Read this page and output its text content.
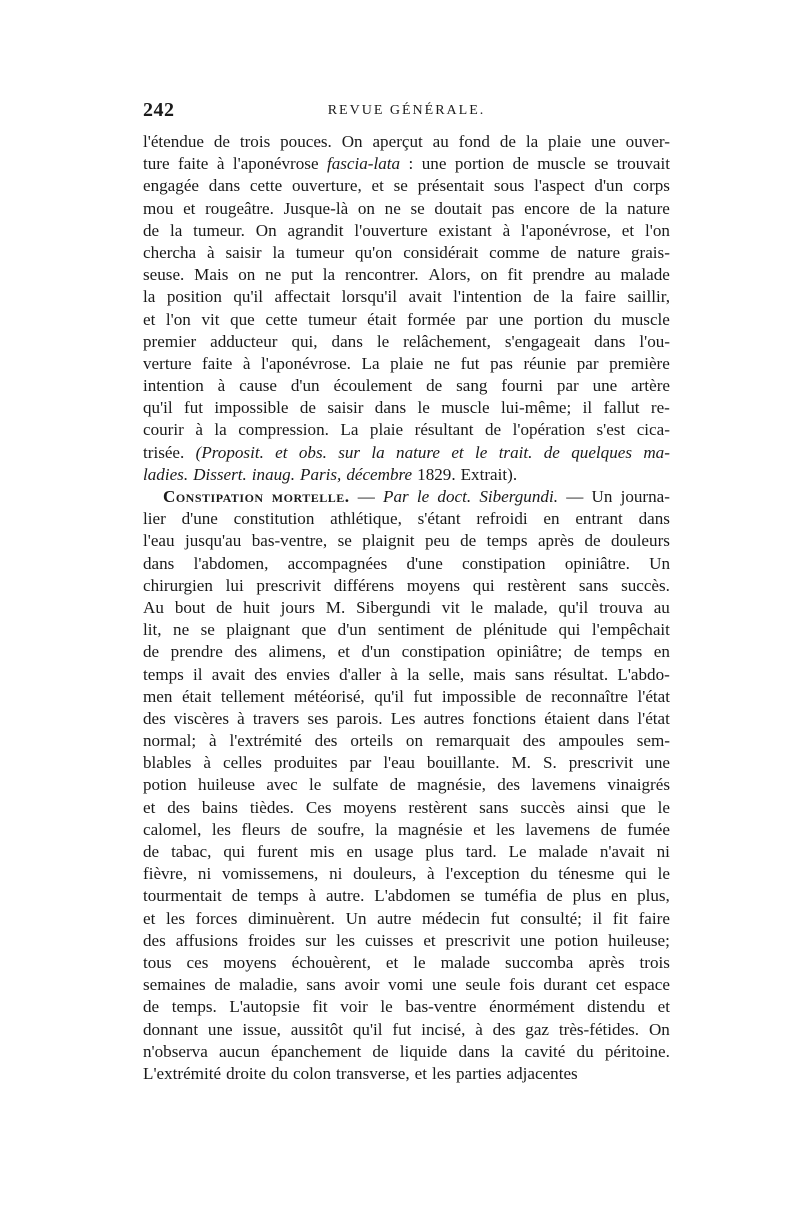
242	REVUE GÉNÉRALE.
l'étendue de trois pouces. On aperçut au fond de la plaie une ouver-
ture faite à l'aponévrose fascia-lata : une portion de muscle se trouvait
engagée dans cette ouverture, et se présentait sous l'aspect d'un corps
mou et rougeâtre. Jusque-là on ne se doutait pas encore de la nature
de la tumeur. On agrandit l'ouverture existant à l'aponévrose, et l'on
chercha à saisir la tumeur qu'on considérait comme de nature grais-
seuse. Mais on ne put la rencontrer. Alors, on fit prendre au malade
la position qu'il affectait lorsqu'il avait l'intention de la faire saillir,
et l'on vit que cette tumeur était formée par une portion du muscle
premier adducteur qui, dans le relâchement, s'engageait dans l'ou-
verture faite à l'aponévrose. La plaie ne fut pas réunie par première
intention à cause d'un écoulement de sang fourni par une artère
qu'il fut impossible de saisir dans le muscle lui-même; il fallut re-
courir à la compression. La plaie résultant de l'opération s'est cica-
trisée. (Proposit. et obs. sur la nature et le trait. de quelques ma-
ladies. Dissert. inaug. Paris, décembre 1829. Extrait).
Constipation mortelle. — Par le doct. Sibergundi. — Un journa-
lier d'une constitution athlétique, s'étant refroidi en entrant dans
l'eau jusqu'au bas-ventre, se plaignit peu de temps après de douleurs
dans l'abdomen, accompagnées d'une constipation opiniâtre. Un
chirurgien lui prescrivit différens moyens qui restèrent sans succès.
Au bout de huit jours M. Sibergundi vit le malade, qu'il trouva au
lit, ne se plaignant que d'un sentiment de plénitude qui l'empêchait
de prendre des alimens, et d'un constipation opiniâtre; de temps en
temps il avait des envies d'aller à la selle, mais sans résultat. L'abdo-
men était tellement météorisé, qu'il fut impossible de reconnaître l'état
des viscères à travers ses parois. Les autres fonctions étaient dans l'état
normal; à l'extrémité des orteils on remarquait des ampoules sem-
blables à celles produites par l'eau bouillante. M. S. prescrivit une
potion huileuse avec le sulfate de magnésie, des lavemens vinaigrés
et des bains tièdes. Ces moyens restèrent sans succès ainsi que le
calomel, les fleurs de soufre, la magnésie et les lavemens de fumée
de tabac, qui furent mis en usage plus tard. Le malade n'avait ni
fièvre, ni vomissemens, ni douleurs, à l'exception du ténesme qui le
tourmentait de temps à autre. L'abdomen se tuméfia de plus en plus,
et les forces diminuèrent. Un autre médecin fut consulté; il fit faire
des affusions froides sur les cuisses et prescrivit une potion huileuse;
tous ces moyens échouèrent, et le malade succomba après trois
semaines de maladie, sans avoir vomi une seule fois durant cet espace
de temps. L'autopsie fit voir le bas-ventre énormément distendu et
donnant une issue, aussitôt qu'il fut incisé, à des gaz très-fétides. On
n'observa aucun épanchement de liquide dans la cavité du péritoine.
L'extrémité droite du colon transverse, et les parties adjacentes
